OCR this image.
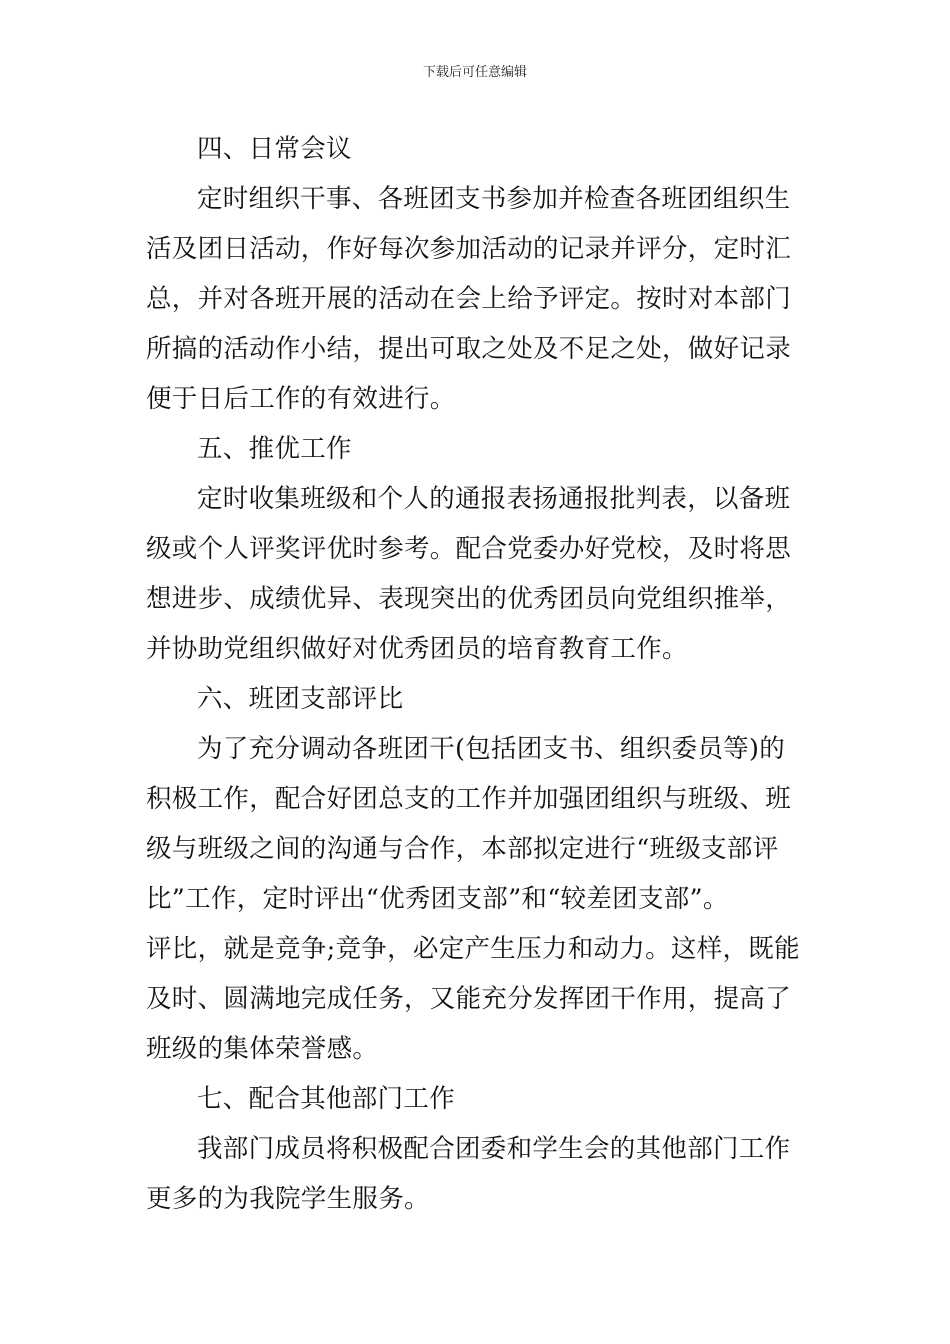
下载后可任意编辑
四、日常会议
定时组织干事、各班团支书参加并检查各班团组织生
活及团日活动，作好每次参加活动的记录并评分，定时汇
总，并对各班开展的活动在会上给予评定。按时对本部门
所搞的活动作小结，提出可取之处及不足之处，做好记录
便于日后工作的有效进行。
五、推优工作
定时收集班级和个人的通报表扬通报批判表，以备班
级或个人评奖评优时参考。配合党委办好党校，及时将思
想进步、成绩优异、表现突出的优秀团员向党组织推举，
并协助党组织做好对优秀团员的培育教育工作。
六、班团支部评比
为了充分调动各班团干(包括团支书、组织委员等)的
积极工作，配合好团总支的工作并加强团组织与班级、班
级与班级之间的沟通与合作，本部拟定进行“班级支部评
比”工作，定时评出“优秀团支部”和“较差团支部”。
评比，就是竞争;竞争，必定产生压力和动力。这样，既能
及时、圆满地完成任务，又能充分发挥团干作用，提高了
班级的集体荣誉感。
七、配合其他部门工作
我部门成员将积极配合团委和学生会的其他部门工作
更多的为我院学生服务。
